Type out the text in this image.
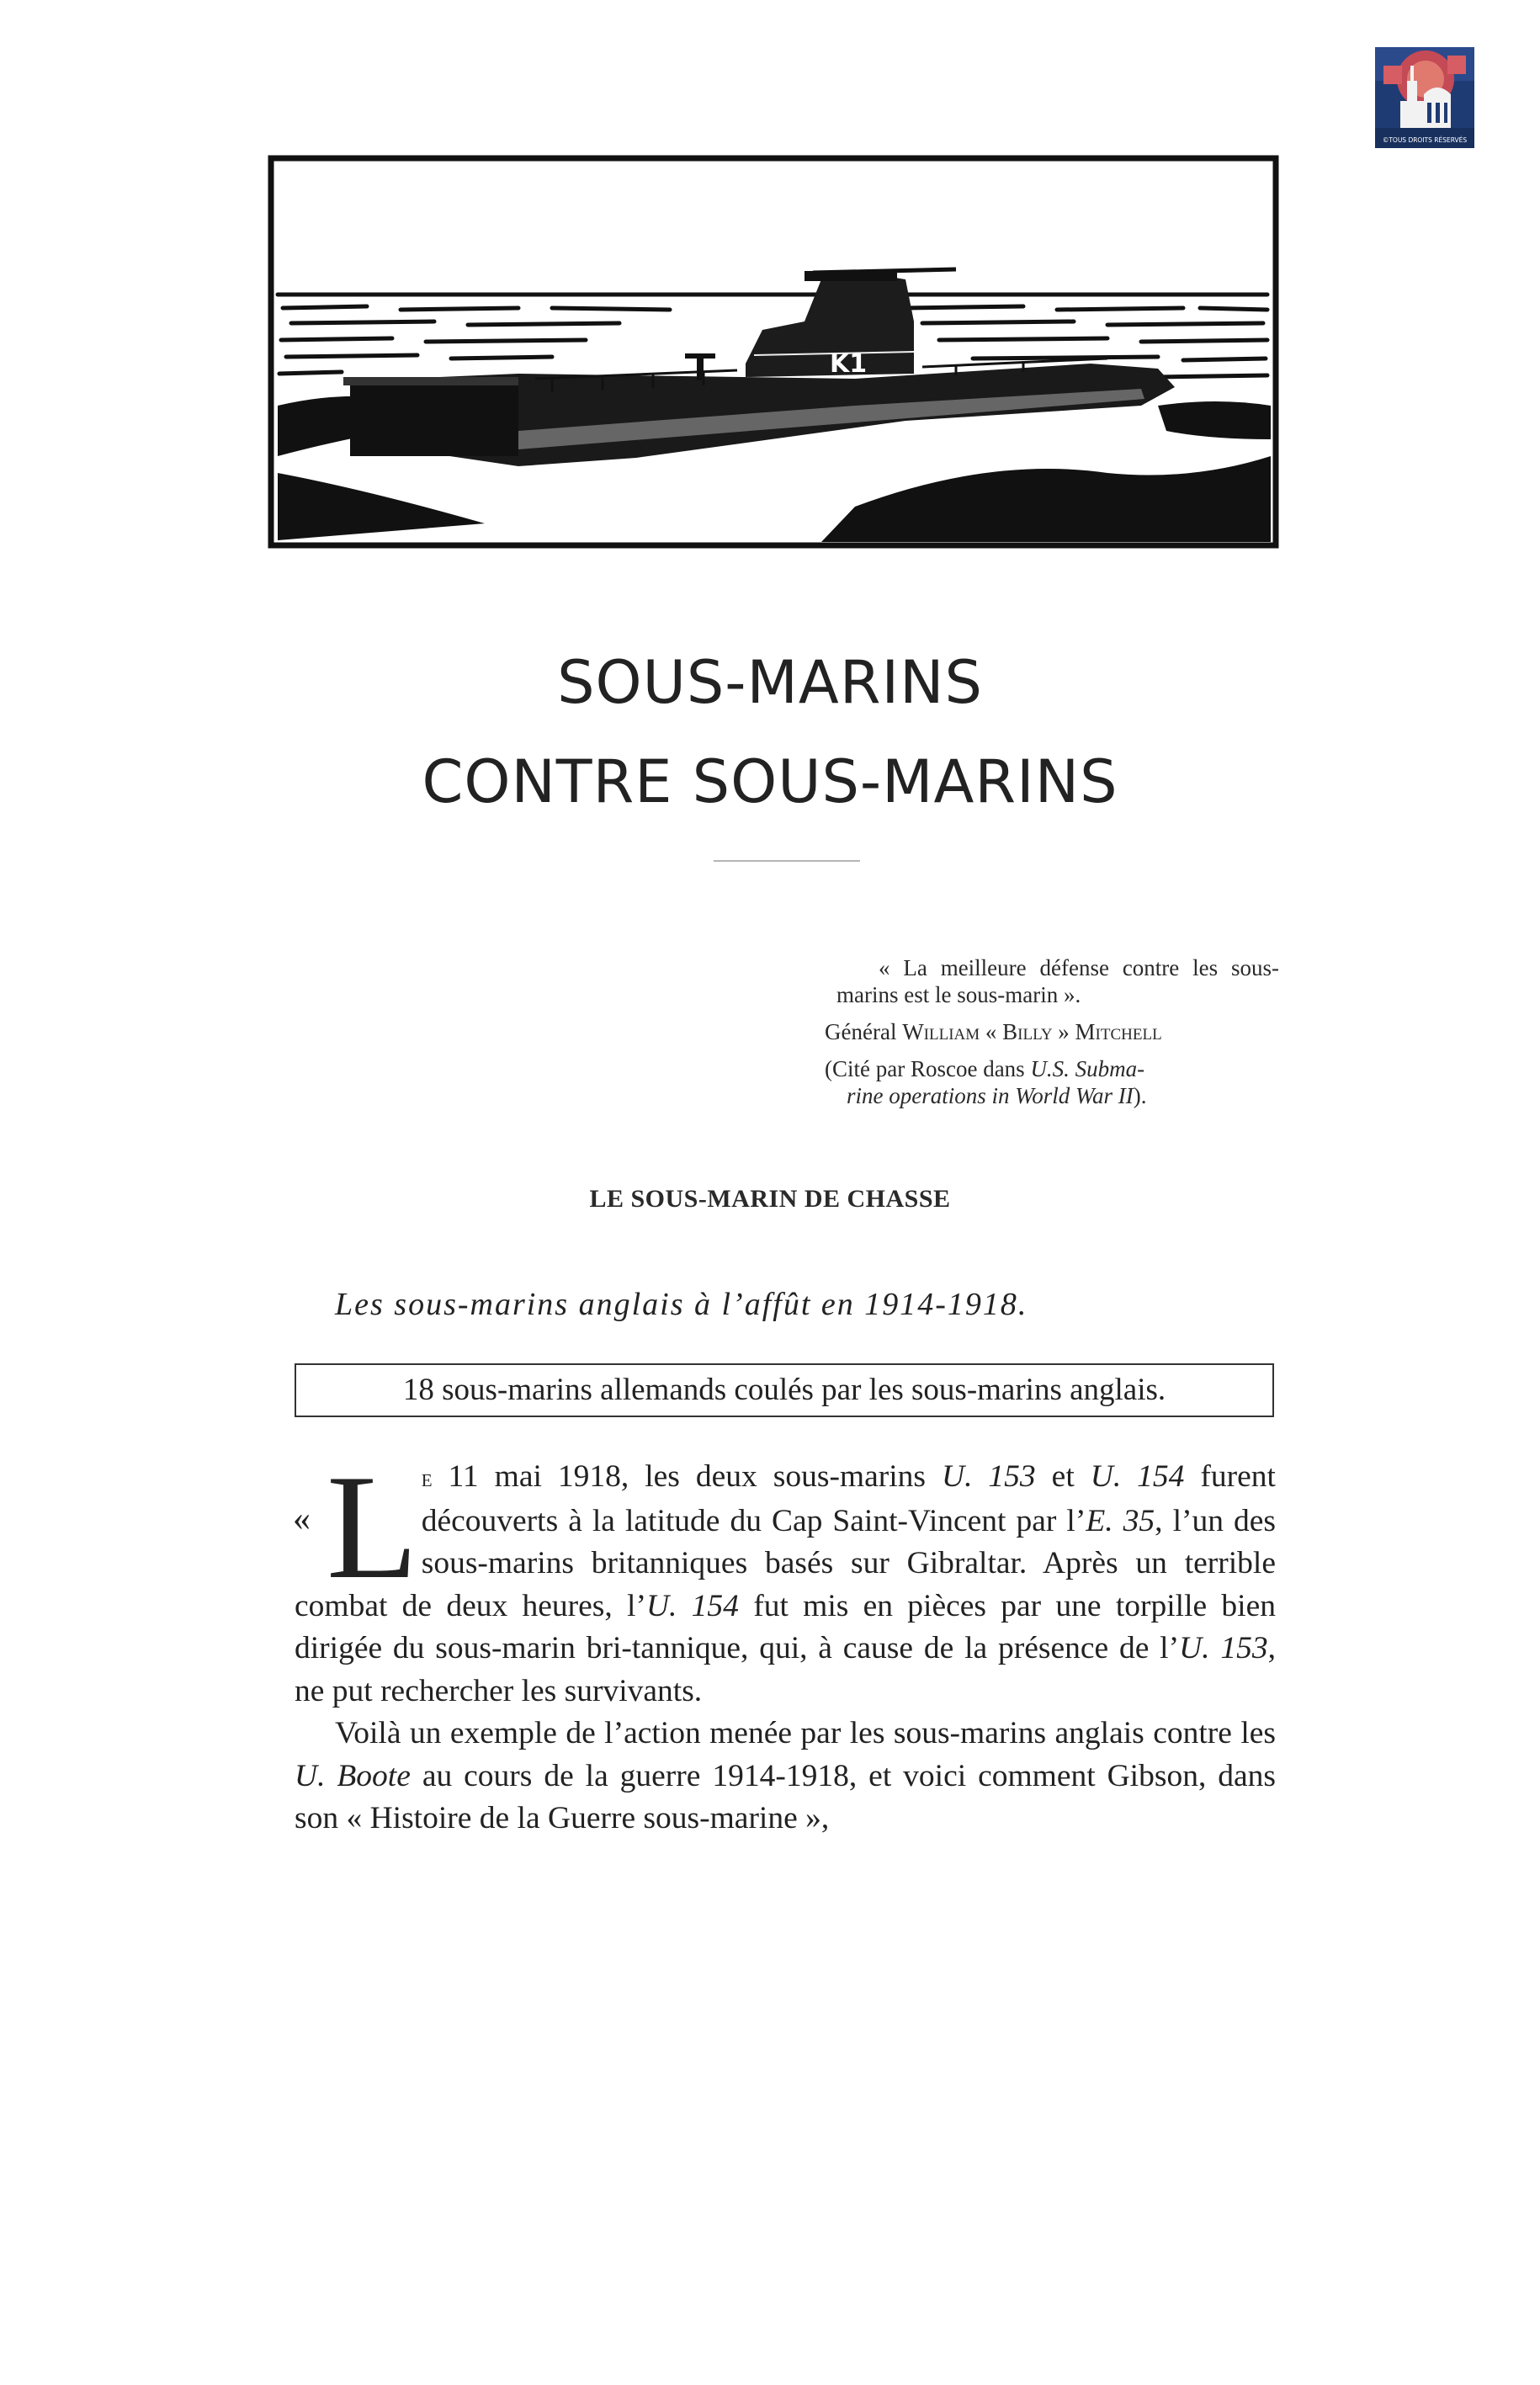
©TOUS DROITS RÉSERVÉS
K1
SOUS-MARINS
CONTRE SOUS-MARINS

« La meilleure défense contre les sous-marins est le sous-marin ».

Général William « Billy » Mitchell

(Cité par Roscoe dans U.S. Subma-
rine operations in World War II).

LE SOUS-MARIN DE CHASSE

Les sous-marins anglais à l’affût en 1914-1918.

18 sous-marins allemands coulés par les sous-marins anglais.
« Le 11 mai 1918, les deux sous-marins U. 153 et U. 154 furent découverts à la latitude du Cap Saint-Vincent par l’E. 35, l’un des sous-marins britanniques basés sur Gibraltar. Après un terrible combat de deux heures, l’U. 154 fut mis en pièces par une torpille bien dirigée du sous-marin bri-tannique, qui, à cause de la présence de l’U. 153, ne put rechercher les survivants.

Voilà un exemple de l’action menée par les sous-marins anglais contre les U. Boote au cours de la guerre 1914-1918, et voici comment Gibson, dans son « Histoire de la Guerre sous-marine »,
